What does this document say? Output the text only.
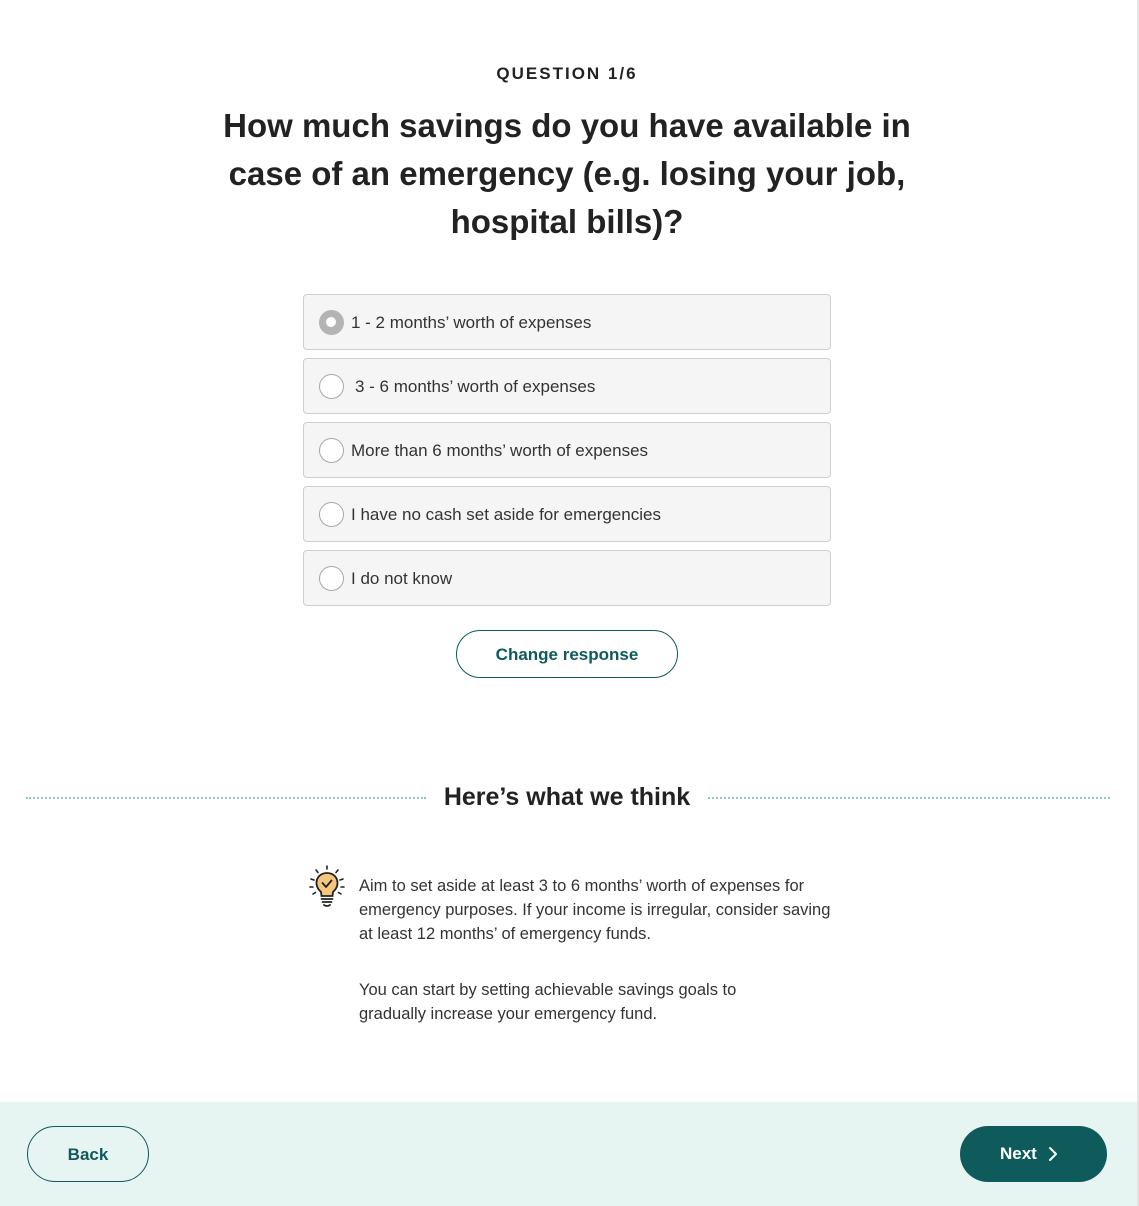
QUESTION 1/6
How much savings do you have available in case of an emergency (e.g. losing your job, hospital bills)?
1 - 2 months’ worth of expenses
3 - 6 months’ worth of expenses
More than 6 months’ worth of expenses
I have no cash set aside for emergencies
I do not know
Change response
Here’s what we think

Aim to set aside at least 3 to 6 months’ worth of expenses for emergency purposes. If your income is irregular, consider saving at least 12 months’ of emergency funds.

You can start by setting achievable savings goals to gradually increase your emergency fund.

Back	Next
